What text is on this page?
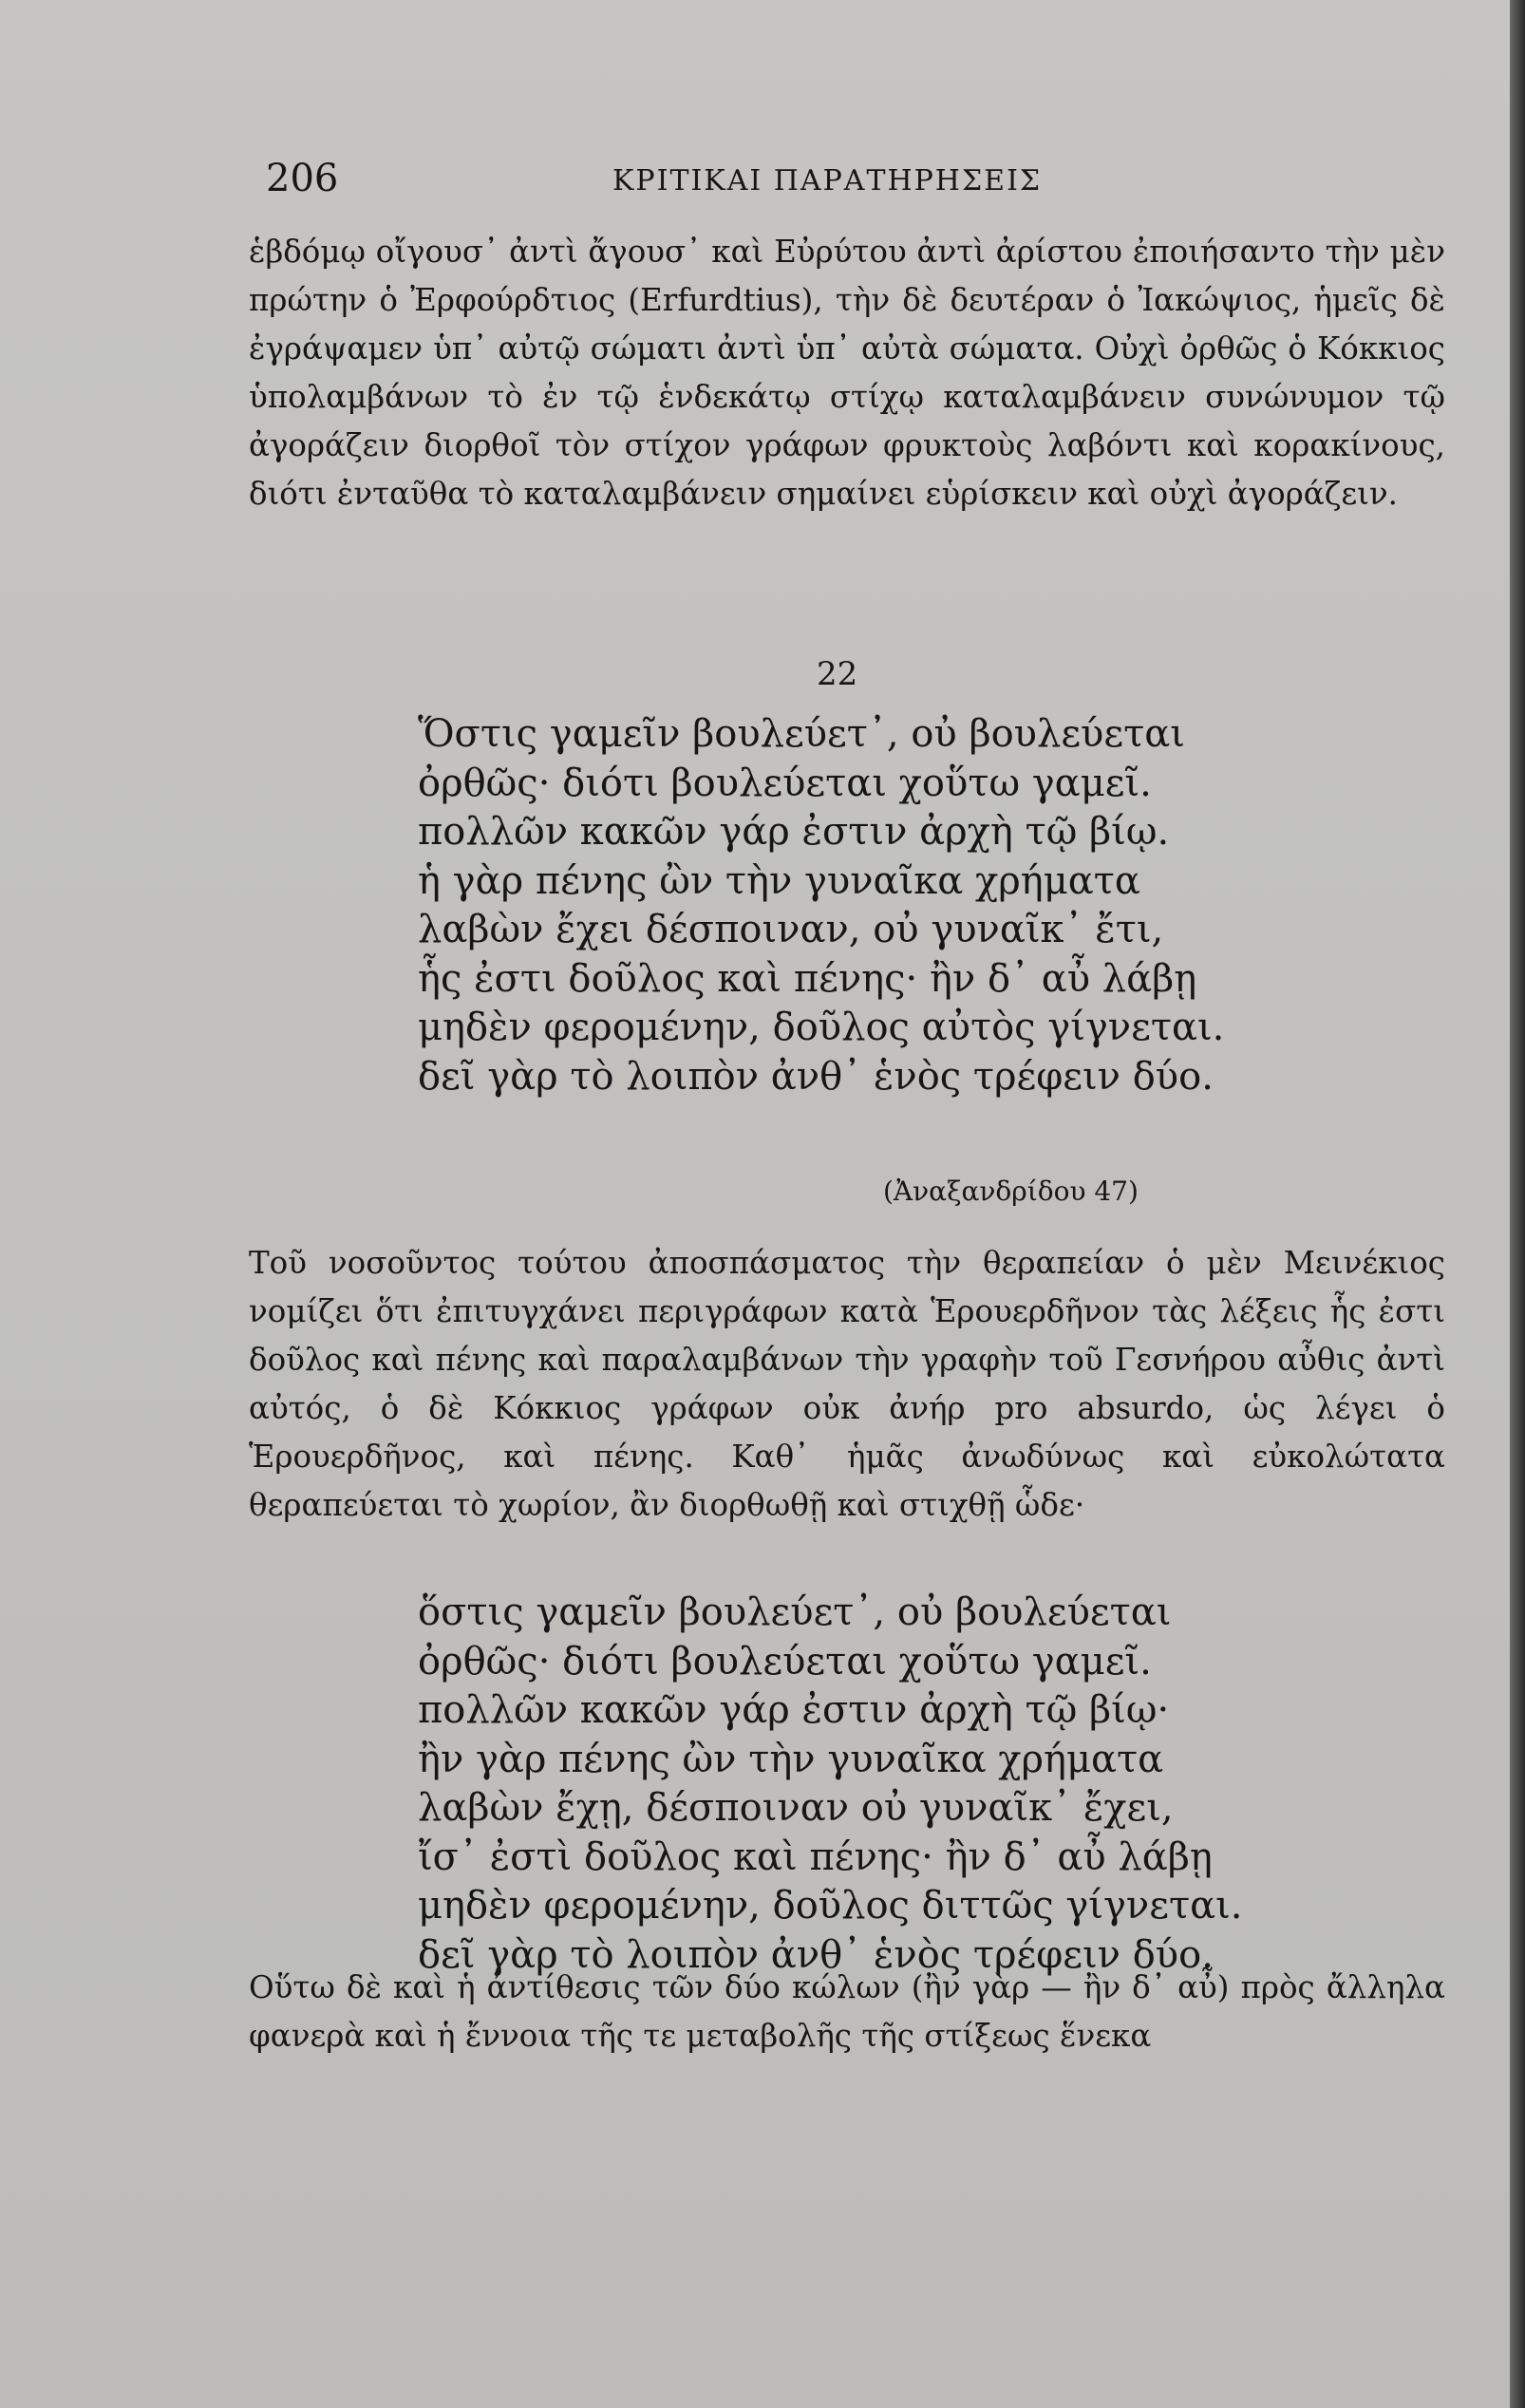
206	ΚΡΙΤΙΚΑΙ ΠΑΡΑΤΗΡΗΣΕΙΣ

ἑβδόμῳ οἴγουσ᾽ ἀντὶ ἄγουσ᾽ καὶ Εὐρύτου ἀντὶ ἀρίστου ἐποιήσαντο τὴν μὲν πρώτην ὁ Ἐρφούρδτιος (Erfurdtius), τὴν δὲ δευτέραν ὁ Ἰακώψιος, ἡμεῖς δὲ ἐγράψαμεν ὑπ᾽ αὐτῷ σώματι ἀντὶ ὑπ᾽ αὐτὰ σώματα. Οὐχὶ ὀρθῶς ὁ Κόκκιος ὑπολαμβάνων τὸ ἐν τῷ ἑνδεκάτῳ στίχῳ καταλαμβάνειν συνώνυμον τῷ ἀγοράζειν διορθοῖ τὸν στίχον γράφων φρυκτοὺς λαβόντι καὶ κορακίνους, διότι ἐνταῦθα τὸ καταλαμβάνειν σημαίνει εὑρίσκειν καὶ οὐχὶ ἀγοράζειν.

22
Ὅστις γαμεῖν βουλεύετ᾽, οὐ βουλεύεται
ὀρθῶς· διότι βουλεύεται χοὕτω γαμεῖ.
πολλῶν κακῶν γάρ ἐστιν ἀρχὴ τῷ βίῳ.
ἡ γὰρ πένης ὢν τὴν γυναῖκα χρήματα
λαβὼν ἔχει δέσποιναν, οὐ γυναῖκ᾽ ἔτι,
ἧς ἐστι δοῦλος καὶ πένης· ἢν δ᾽ αὖ λάβῃ
μηδὲν φερομένην, δοῦλος αὐτὸς γίγνεται.
δεῖ γὰρ τὸ λοιπὸν ἀνθ᾽ ἑνὸς τρέφειν δύο.
(Ἀναξανδρίδου 47)

Τοῦ νοσοῦντος τούτου ἀποσπάσματος τὴν θεραπείαν ὁ μὲν Μεινέκιος νομίζει ὅτι ἐπιτυγχάνει περιγράφων κατὰ Ἑρουερδῆνον τὰς λέξεις ἧς ἐστι δοῦλος καὶ πένης καὶ παραλαμβάνων τὴν γραφὴν τοῦ Γεσνήρου αὖθις ἀντὶ αὐτός, ὁ δὲ Κόκκιος γράφων οὐκ ἀνήρ pro absurdo, ὡς λέγει ὁ Ἑρουερδῆνος, καὶ πένης. Καθ᾽ ἡμᾶς ἀνωδύνως καὶ εὐκολώτατα θεραπεύεται τὸ χωρίον, ἂν διορθωθῇ καὶ στιχθῇ ὧδε·

ὅστις γαμεῖν βουλεύετ᾽, οὐ βουλεύεται
ὀρθῶς· διότι βουλεύεται χοὕτω γαμεῖ.
πολλῶν κακῶν γάρ ἐστιν ἀρχὴ τῷ βίῳ·
ἢν γὰρ πένης ὢν τὴν γυναῖκα χρήματα
λαβὼν ἔχῃ, δέσποιναν οὐ γυναῖκ᾽ ἔχει,
ἴσ᾽ ἐστὶ δοῦλος καὶ πένης· ἢν δ᾽ αὖ λάβῃ
μηδὲν φερομένην, δοῦλος διττῶς γίγνεται.
δεῖ γὰρ τὸ λοιπὸν ἀνθ᾽ ἑνὸς τρέφειν δύο.

Οὕτω δὲ καὶ ἡ ἀντίθεσις τῶν δύο κώλων (ἢν γὰρ — ἢν δ᾽ αὖ) πρὸς ἄλληλα φανερὰ καὶ ἡ ἔννοια τῆς τε μεταβολῆς τῆς στίξεως ἕνεκα
